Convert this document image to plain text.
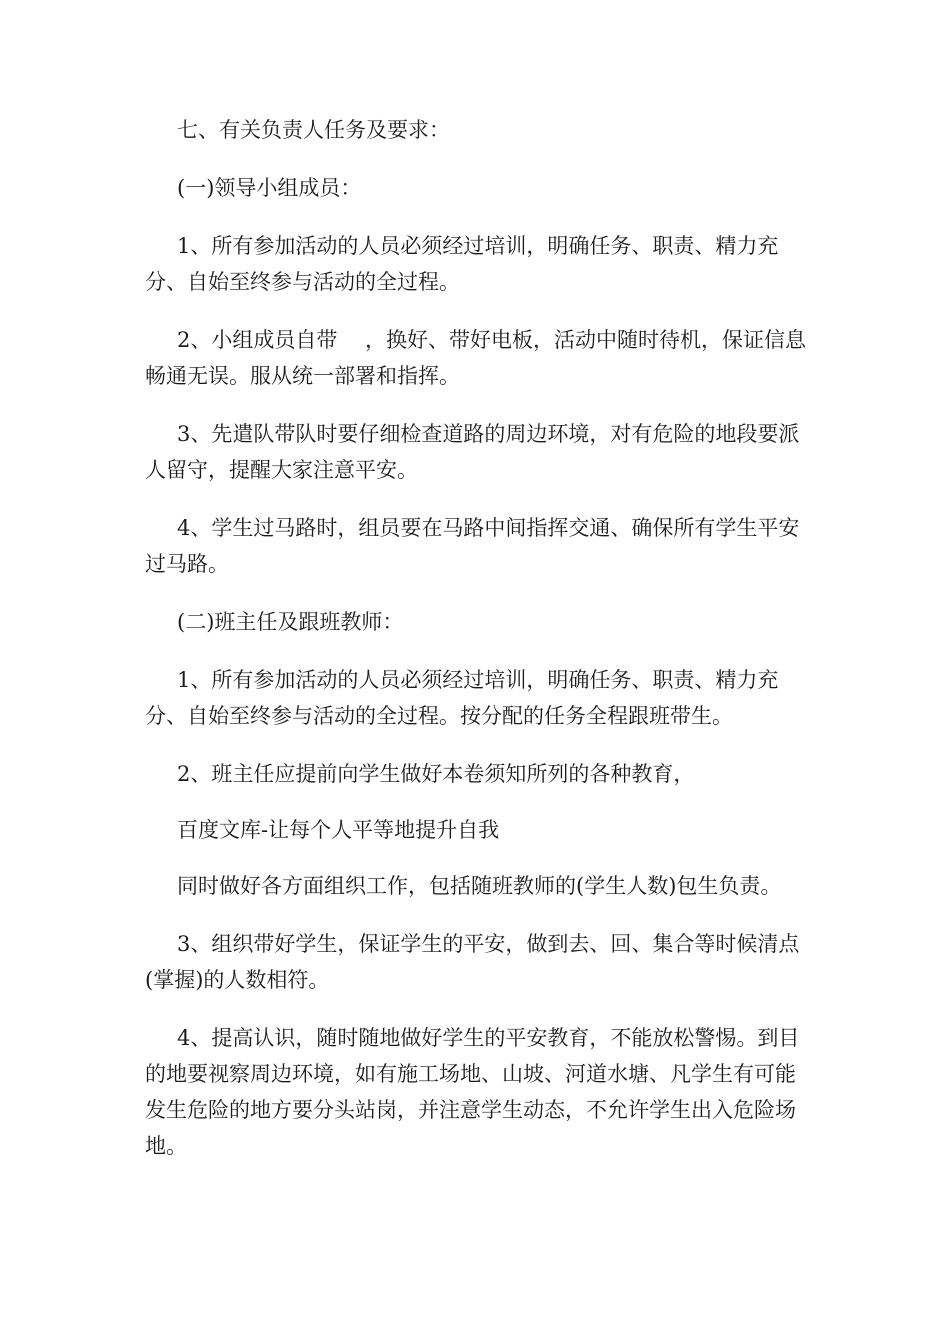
七、有关负责人任务及要求：

(一)领导小组成员：

1、所有参加活动的人员必须经过培训，明确任务、职责、精力充分、自始至终参与活动的全过程。

2、小组成员自带　 ，换好、带好电板，活动中随时待机，保证信息畅通无误。服从统一部署和指挥。

3、先遣队带队时要仔细检查道路的周边环境，对有危险的地段要派人留守，提醒大家注意平安。

4、学生过马路时，组员要在马路中间指挥交通、确保所有学生平安过马路。

(二)班主任及跟班教师：

1、所有参加活动的人员必须经过培训，明确任务、职责、精力充分、自始至终参与活动的全过程。按分配的任务全程跟班带生。

2、班主任应提前向学生做好本卷须知所列的各种教育，

百度文库-让每个人平等地提升自我

同时做好各方面组织工作，包括随班教师的(学生人数)包生负责。

3、组织带好学生，保证学生的平安，做到去、回、集合等时候清点(掌握)的人数相符。

4、提高认识，随时随地做好学生的平安教育，不能放松警惕。到目的地要视察周边环境，如有施工场地、山坡、河道水塘、凡学生有可能发生危险的地方要分头站岗，并注意学生动态，不允许学生出入危险场地。
